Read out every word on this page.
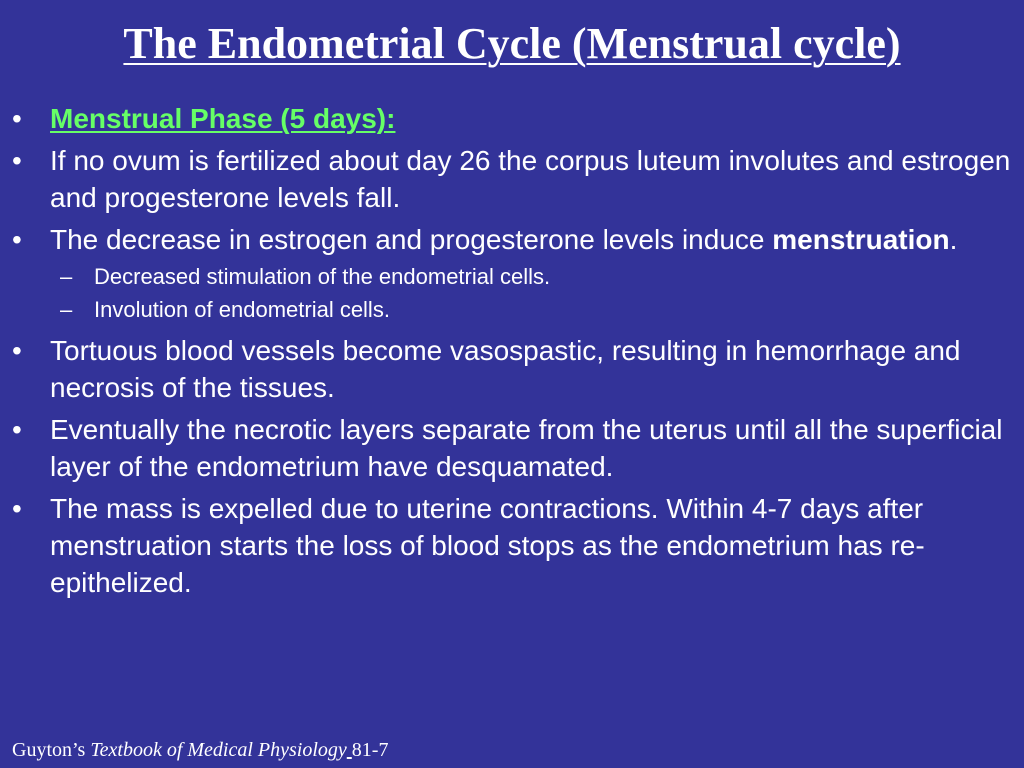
The Endometrial Cycle (Menstrual cycle)
• Menstrual Phase (5 days):
• If no ovum is fertilized about day 26 the corpus luteum involutes and estrogen and progesterone levels fall.
• The decrease in estrogen and progesterone levels induce menstruation.
– Decreased stimulation of the endometrial cells.
– Involution of endometrial cells.
• Tortuous blood vessels become vasospastic, resulting in hemorrhage and necrosis of the tissues.
• Eventually the necrotic layers separate from the uterus until all the superficial layer of the endometrium have desquamated.
• The mass is expelled due to uterine contractions. Within 4-7 days after menstruation starts the loss of blood stops as the endometrium has re-epithelized.
Guyton’s Textbook of Medical Physiology 81-7
